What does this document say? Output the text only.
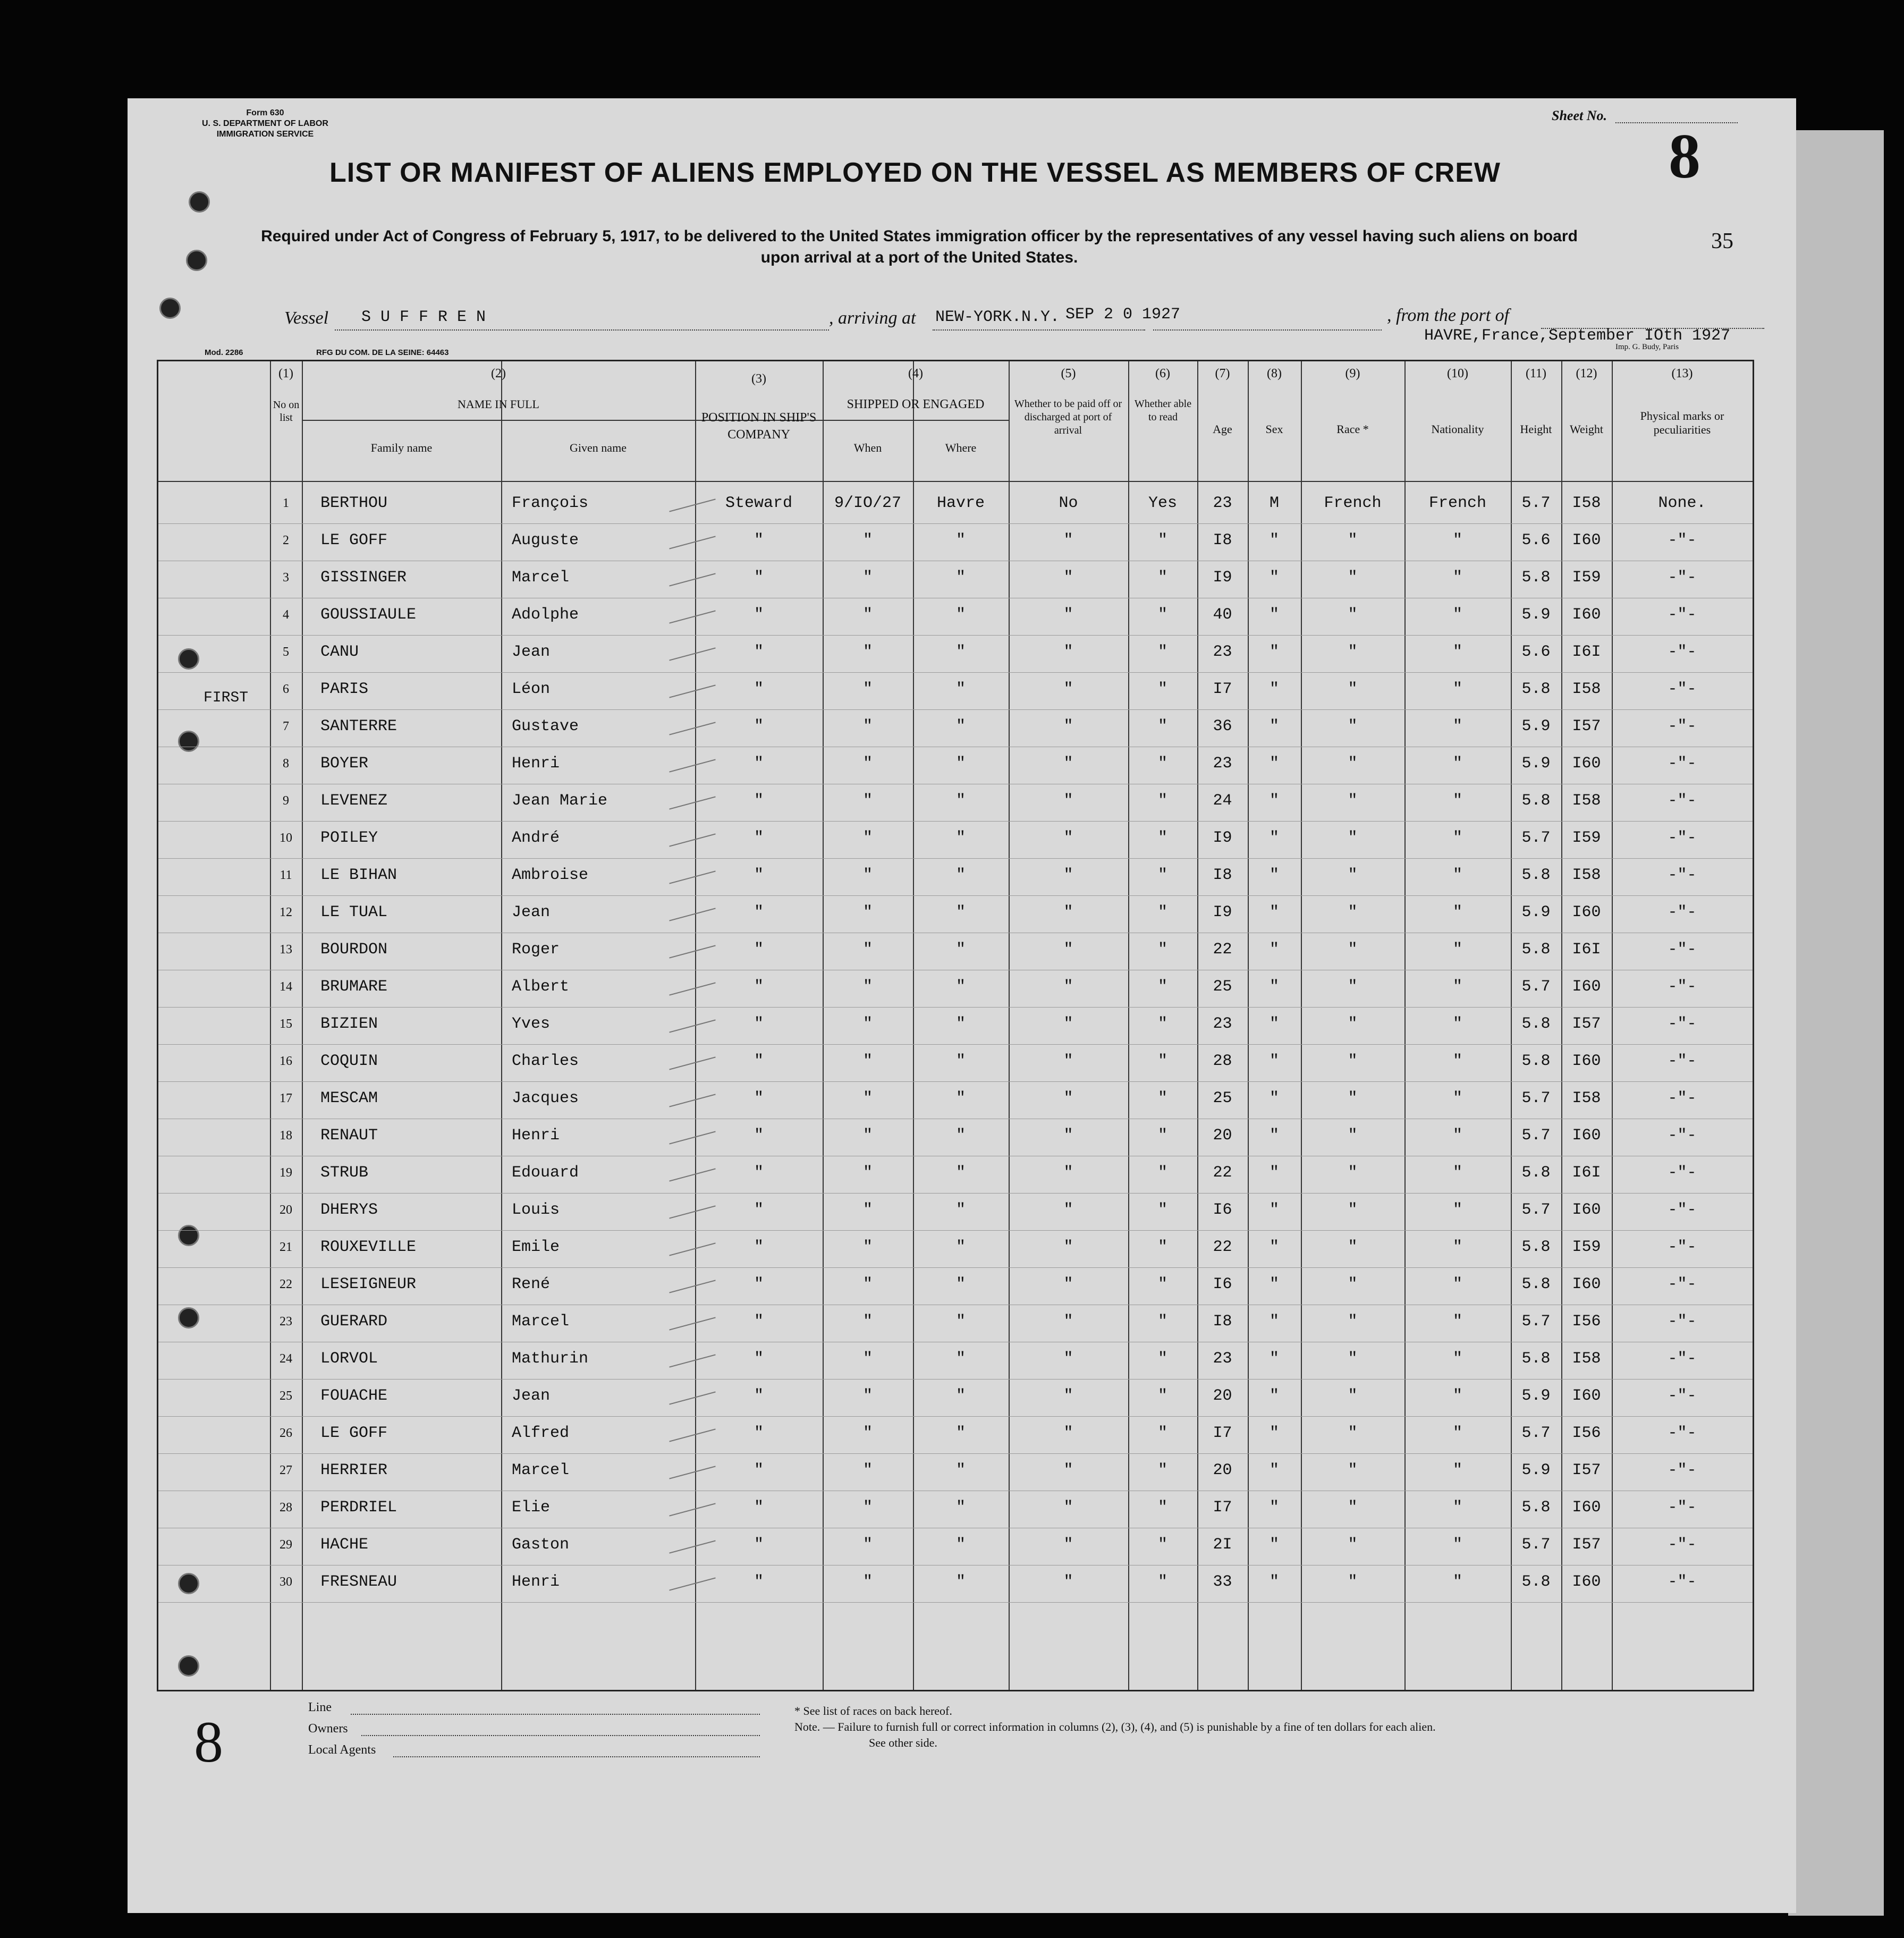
Form 630
U. S. DEPARTMENT OF LABOR
IMMIGRATION SERVICE
Sheet No.
8
LIST OR MANIFEST OF ALIENS EMPLOYED ON THE VESSEL AS MEMBERS OF CREW
Required under Act of Congress of February 5, 1917, to be delivered to the United States immigration officer by the representatives of any vessel having such aliens on board upon arrival at a port of the United States.
35
Vessel S U F F R E N	, arriving at NEW-YORK.N.Y. SEP 2 0 1927	, from the port of
HAVRE,France,September IOth 1927
Mod. 2286	RFG DU COM. DE LA SEINE: 64463
Imp. G. Budy, Paris
(1)
No on list
(2)
NAME IN FULL
Family name	Given name
(3)
POSITION IN SHIP'S COMPANY
(4)
SHIPPED OR ENGAGED
When	Where
(5)
Whether to be paid off or discharged at port of arrival
(6)
Whether able to read
(7)
Age
(8)
Sex
(9)
Race *
(10)
Nationality
(11)
Height
(12)
Weight
(13)
Physical marks or peculiarities
FIRST
1	BERTHOU	François	Steward	9/IO/27	Havre	No	Yes	23	M	French	French	5.7	I58	None.
2	LE GOFF	Auguste	"	"	"	"	"	I8	"	"	"	5.6	I60	-"-
3	GISSINGER	Marcel	"	"	"	"	"	I9	"	"	"	5.8	I59	-"-
4	GOUSSIAULE	Adolphe	"	"	"	"	"	40	"	"	"	5.9	I60	-"-
5	CANU	Jean	"	"	"	"	"	23	"	"	"	5.6	I6I	-"-
6	PARIS	Léon	"	"	"	"	"	I7	"	"	"	5.8	I58	-"-
7	SANTERRE	Gustave	"	"	"	"	"	36	"	"	"	5.9	I57	-"-
8	BOYER	Henri	"	"	"	"	"	23	"	"	"	5.9	I60	-"-
9	LEVENEZ	Jean Marie	"	"	"	"	"	24	"	"	"	5.8	I58	-"-
10	POILEY	André	"	"	"	"	"	I9	"	"	"	5.7	I59	-"-
11	LE BIHAN	Ambroise	"	"	"	"	"	I8	"	"	"	5.8	I58	-"-
12	LE TUAL	Jean	"	"	"	"	"	I9	"	"	"	5.9	I60	-"-
13	BOURDON	Roger	"	"	"	"	"	22	"	"	"	5.8	I6I	-"-
14	BRUMARE	Albert	"	"	"	"	"	25	"	"	"	5.7	I60	-"-
15	BIZIEN	Yves	"	"	"	"	"	23	"	"	"	5.8	I57	-"-
16	COQUIN	Charles	"	"	"	"	"	28	"	"	"	5.8	I60	-"-
17	MESCAM	Jacques	"	"	"	"	"	25	"	"	"	5.7	I58	-"-
18	RENAUT	Henri	"	"	"	"	"	20	"	"	"	5.7	I60	-"-
19	STRUB	Edouard	"	"	"	"	"	22	"	"	"	5.8	I6I	-"-
20	DHERYS	Louis	"	"	"	"	"	I6	"	"	"	5.7	I60	-"-
21	ROUXEVILLE	Emile	"	"	"	"	"	22	"	"	"	5.8	I59	-"-
22	LESEIGNEUR	René	"	"	"	"	"	I6	"	"	"	5.8	I60	-"-
23	GUERARD	Marcel	"	"	"	"	"	I8	"	"	"	5.7	I56	-"-
24	LORVOL	Mathurin	"	"	"	"	"	23	"	"	"	5.8	I58	-"-
25	FOUACHE	Jean	"	"	"	"	"	20	"	"	"	5.9	I60	-"-
26	LE GOFF	Alfred	"	"	"	"	"	I7	"	"	"	5.7	I56	-"-
27	HERRIER	Marcel	"	"	"	"	"	20	"	"	"	5.9	I57	-"-
28	PERDRIEL	Elie	"	"	"	"	"	I7	"	"	"	5.8	I60	-"-
29	HACHE	Gaston	"	"	"	"	"	2I	"	"	"	5.7	I57	-"-
30	FRESNEAU	Henri	"	"	"	"	"	33	"	"	"	5.8	I60	-"-
8
Line
Owners
Local Agents
* See list of races on back hereof.
Note. — Failure to furnish full or correct information in columns (2), (3), (4), and (5) is punishable by a fine of ten dollars for each alien.
See other side.
